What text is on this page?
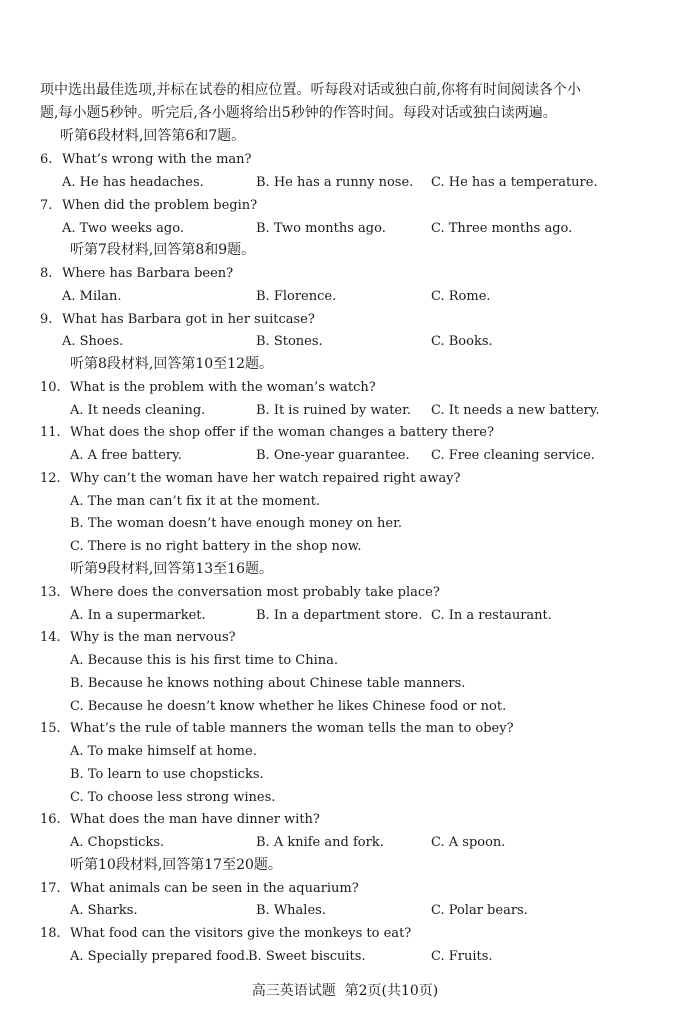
项中选出最佳选项,并标在试卷的相应位置。听每段对话或独白前,你将有时间阅读各个小
题,每小题5秒钟。听完后,各小题将给出5秒钟的作答时间。每段对话或独白读两遍。
听第6段材料,回答第6和7题。
6. What’s wrong with the man?
A. He has headaches.	B. He has a runny nose. C. He has a temperature.
7. When did the problem begin?
A. Two weeks ago.	B. Two months ago.	C. Three months ago.
听第7段材料,回答第8和9题。
8. Where has Barbara been?
A. Milan.	B. Florence.	C. Rome.
9. What has Barbara got in her suitcase?
A. Shoes.	B. Stones.	C. Books.
听第8段材料,回答第10至12题。
10. What is the problem with the woman’s watch?
A. It needs cleaning.	B. It is ruined by water. C. It needs a new battery.
11. What does the shop offer if the woman changes a battery there?
A. A free battery.	B. One-year guarantee. C. Free cleaning service.
12. Why can’t the woman have her watch repaired right away?
A. The man can’t fix it at the moment.
B. The woman doesn’t have enough money on her.
C. There is no right battery in the shop now.
听第9段材料,回答第13至16题。
13. Where does the conversation most probably take place?
A. In a supermarket.	B. In a department store. C. In a restaurant.
14. Why is the man nervous?
A. Because this is his first time to China.
B. Because he knows nothing about Chinese table manners.
C. Because he doesn’t know whether he likes Chinese food or not.
15. What’s the rule of table manners the woman tells the man to obey?
A. To make himself at home.
B. To learn to use chopsticks.
C. To choose less strong wines.
16. What does the man have dinner with?
A. Chopsticks.	B. A knife and fork.	C. A spoon.
听第10段材料,回答第17至20题。
17. What animals can be seen in the aquarium?
A. Sharks.	B. Whales.	C. Polar bears.
18. What food can the visitors give the monkeys to eat?
A. Specially prepared food.
B. Sweet biscuits.	C. Fruits.
高三英语试题  第2页(共10页)
